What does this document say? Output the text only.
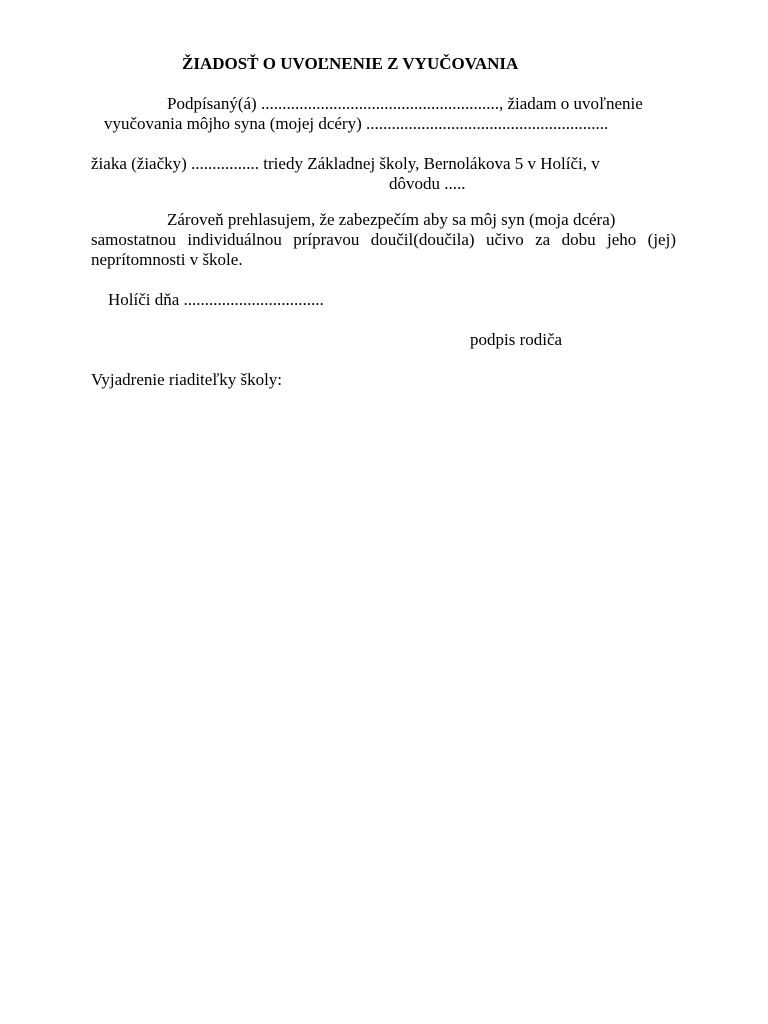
ŽIADOSŤ O UVOĽNENIE Z VYUČOVANIA
Podpísaný(á) ........................................................, žiadam o uvoľnenie
vyučovania môjho syna (mojej dcéry) .........................................................
žiaka (žiačky) ................ triedy Základnej školy, Bernolákova 5 v Holíči, v
dôvodu .....
Zároveň prehlasujem, že zabezpečím aby sa môj syn (moja dcéra)
samostatnou individuálnou prípravou doučil(doučila) učivo za dobu jeho (jej)
neprítomnosti v škole.
Holíči dňa .................................
podpis rodiča
Vyjadrenie riaditeľky školy:
